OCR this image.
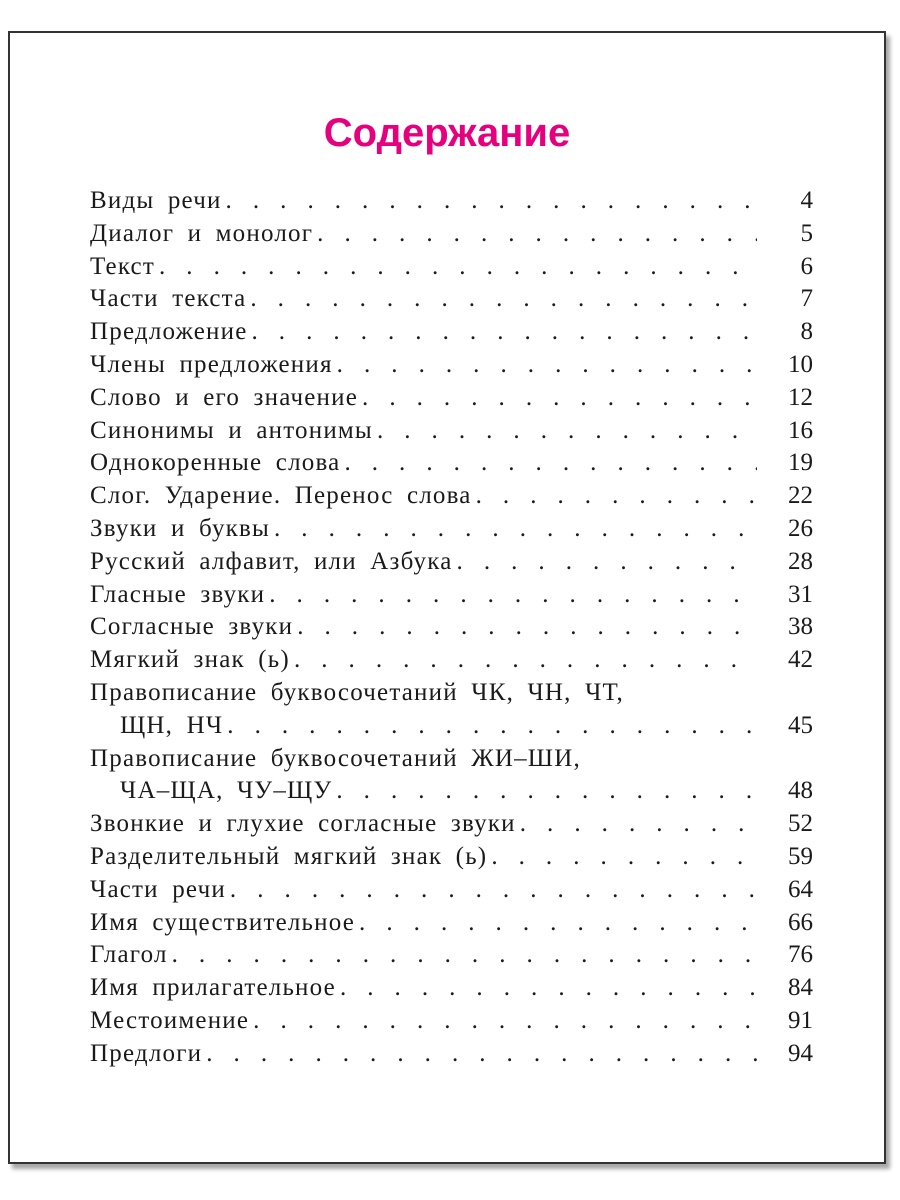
Содержание
Виды речи . . .	4
Диалог и монолог . . .	5
Текст . . .	6
Части текста . . .	7
Предложение . . .	8
Члены предложения . . .	10
Слово и его значение . . .	12
Синонимы и антонимы . . .	16
Однокоренные слова . . .	19
Слог. Ударение. Перенос слова . . .	22
Звуки и буквы . . .	26
Русский алфавит, или Азбука . . .	28
Гласные звуки . . .	31
Согласные звуки . . .	38
Мягкий знак (ь) . . .	42
Правописание буквосочетаний ЧК, ЧН, ЧТ,
ЩН, НЧ . . .	45
Правописание буквосочетаний ЖИ–ШИ,
ЧА–ЩА, ЧУ–ЩУ . . .	48
Звонкие и глухие согласные звуки . . .	52
Разделительный мягкий знак (ь) . . .	59
Части речи . . .	64
Имя существительное . . .	66
Глагол . . .	76
Имя прилагательное . . .	84
Местоимение . . .	91
Предлоги . . .	94
